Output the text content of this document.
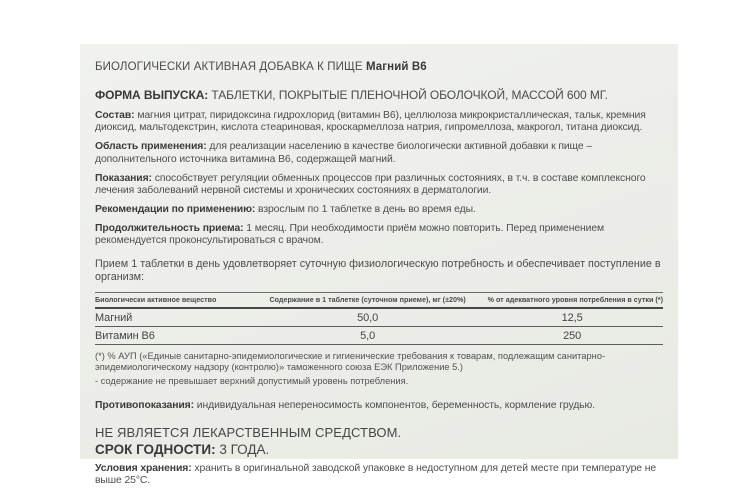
БИОЛОГИЧЕСКИ АКТИВНАЯ ДОБАВКА К ПИЩЕ Магний В6

ФОРМА ВЫПУСКА: ТАБЛЕТКИ, ПОКРЫТЫЕ ПЛЕНОЧНОЙ ОБОЛОЧКОЙ, МАССОЙ 600 МГ.

Состав: магния цитрат, пиридоксина гидрохлорид (витамин В6), целлюлоза микрокристаллическая, тальк, кремния диоксид, мальтодекстрин, кислота стеариновая, кроскармеллоза натрия, гипромеллоза, макрогол, титана диоксид.

Область применения: для реализации населению в качестве биологически активной добавки к пище – дополнительного источника витамина В6, содержащей магний.

Показания: способствует регуляции обменных процессов при различных состояниях, в т.ч. в составе комплексного лечения заболеваний нервной системы и хронических состояниях в дерматологии.

Рекомендации по применению: взрослым по 1 таблетке в день во время еды.

Продолжительность приема: 1 месяц. При необходимости приём можно повторить. Перед применением рекомендуется проконсультироваться с врачом.

Прием 1 таблетки в день удовлетворяет суточную физиологическую потребность и обеспечивает поступление в организм:

Биологически активное вещество	Содержание в 1 таблетке (суточном приеме), мг (±20%)	% от адекватного уровня потребления в сутки (*)
Магний	50,0	12,5
Витамин В6	5,0	250

(*) % АУП («Единые санитарно-эпидемиологические и гигиенические требования к товарам, подлежащим санитарно-эпидемиологическому надзору (контролю)» таможенного союза ЕЭК Приложение 5.)

- содержание не превышает верхний допустимый уровень потребления.

Противопоказания: индивидуальная непереносимость компонентов, беременность, кормление грудью.

НЕ ЯВЛЯЕТСЯ ЛЕКАРСТВЕННЫМ СРЕДСТВОМ.

СРОК ГОДНОСТИ: 3 ГОДА.

Условия хранения: хранить в оригинальной заводской упаковке в недоступном для детей месте при температуре не выше 25°С.
